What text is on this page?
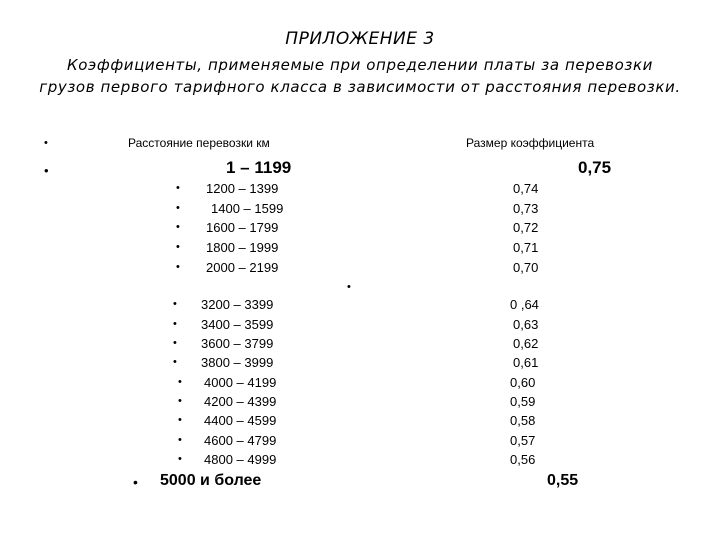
ПРИЛОЖЕНИЕ 3
Коэффициенты, применяемые при определении платы за перевозки
грузов первого тарифного класса в зависимости от расстояния перевозки.
•	Расстояние перевозки км	Размер коэффициента
•	1 – 1199	0,75
• 1200 – 1399	0,74
• 1400 – 1599	0,73
• 1600 – 1799	0,72
• 1800 – 1999	0,71
• 2000 – 2199	0,70
•
• 3200 – 3399	0 ,64
• 3400 – 3599	0,63
• 3600 – 3799	0,62
• 3800 – 3999	0,61
• 4000 – 4199	0,60
• 4200 – 4399	0,59
• 4400 – 4599	0,58
• 4600 – 4799	0,57
• 4800 – 4999	0,56
• 5000 и более	0,55
